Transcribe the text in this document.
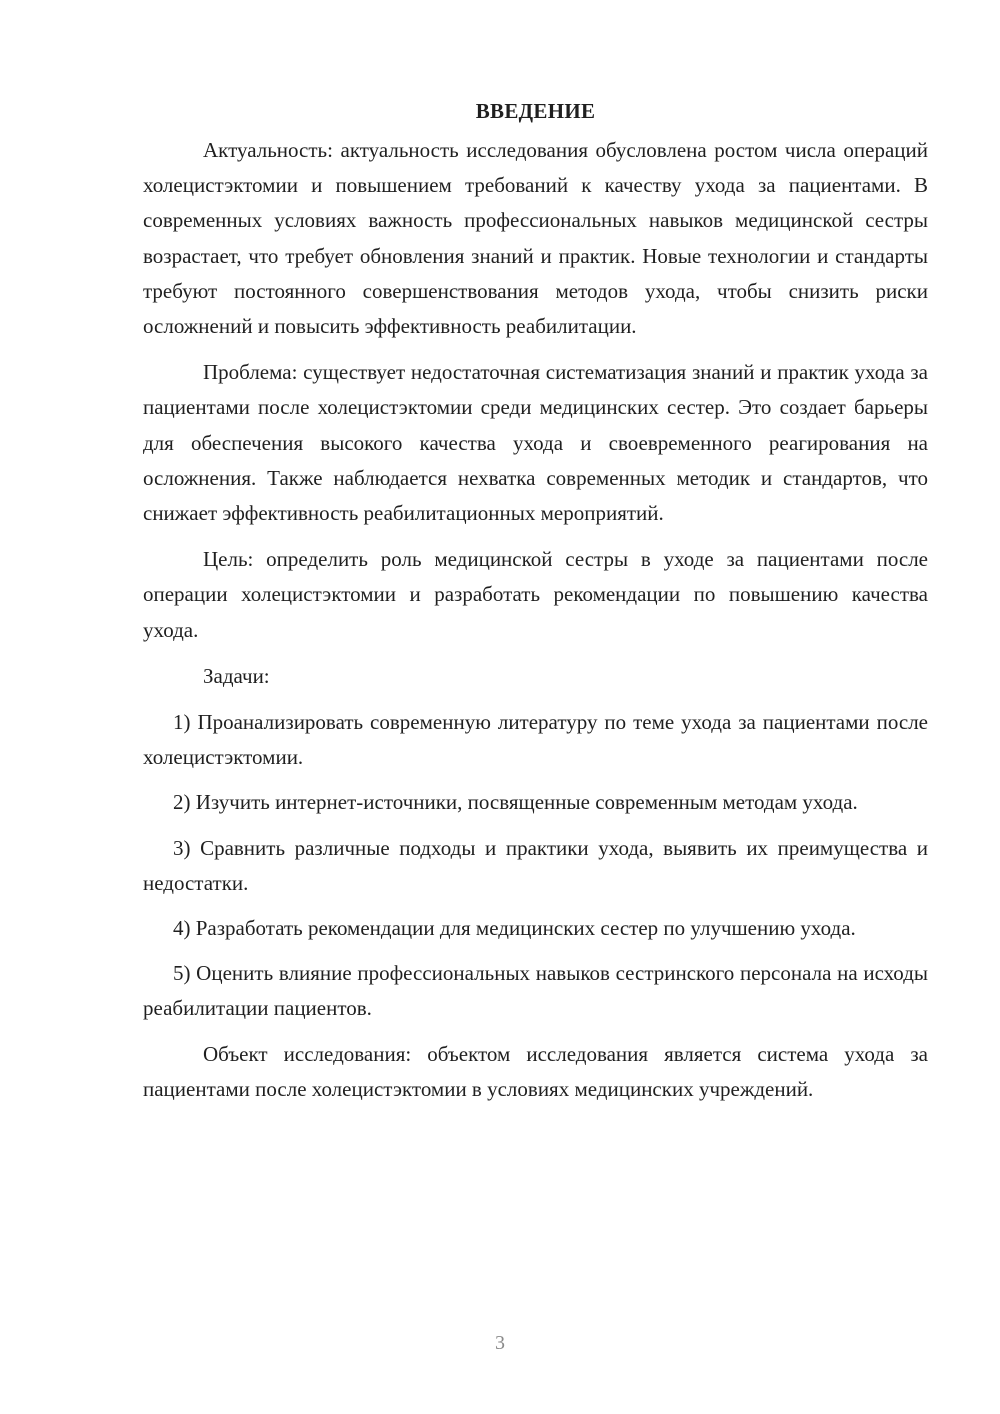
ВВЕДЕНИЕ

Актуальность: актуальность исследования обусловлена ростом числа операций холецистэктомии и повышением требований к качеству ухода за пациентами. В современных условиях важность профессиональных навыков медицинской сестры возрастает, что требует обновления знаний и практик. Новые технологии и стандарты требуют постоянного совершенствования методов ухода, чтобы снизить риски осложнений и повысить эффективность реабилитации.

Проблема: существует недостаточная систематизация знаний и практик ухода за пациентами после холецистэктомии среди медицинских сестер. Это создает барьеры для обеспечения высокого качества ухода и своевременного реагирования на осложнения. Также наблюдается нехватка современных методик и стандартов, что снижает эффективность реабилитационных мероприятий.

Цель: определить роль медицинской сестры в уходе за пациентами после операции холецистэктомии и разработать рекомендации по повышению качества ухода.

Задачи:

1) Проанализировать современную литературу по теме ухода за пациентами после холецистэктомии.

2) Изучить интернет-источники, посвященные современным методам ухода.

3) Сравнить различные подходы и практики ухода, выявить их преимущества и недостатки.

4) Разработать рекомендации для медицинских сестер по улучшению ухода.

5) Оценить влияние профессиональных навыков сестринского персонала на исходы реабилитации пациентов.

Объект исследования: объектом исследования является система ухода за пациентами после холецистэктомии в условиях медицинских учреждений.

3
